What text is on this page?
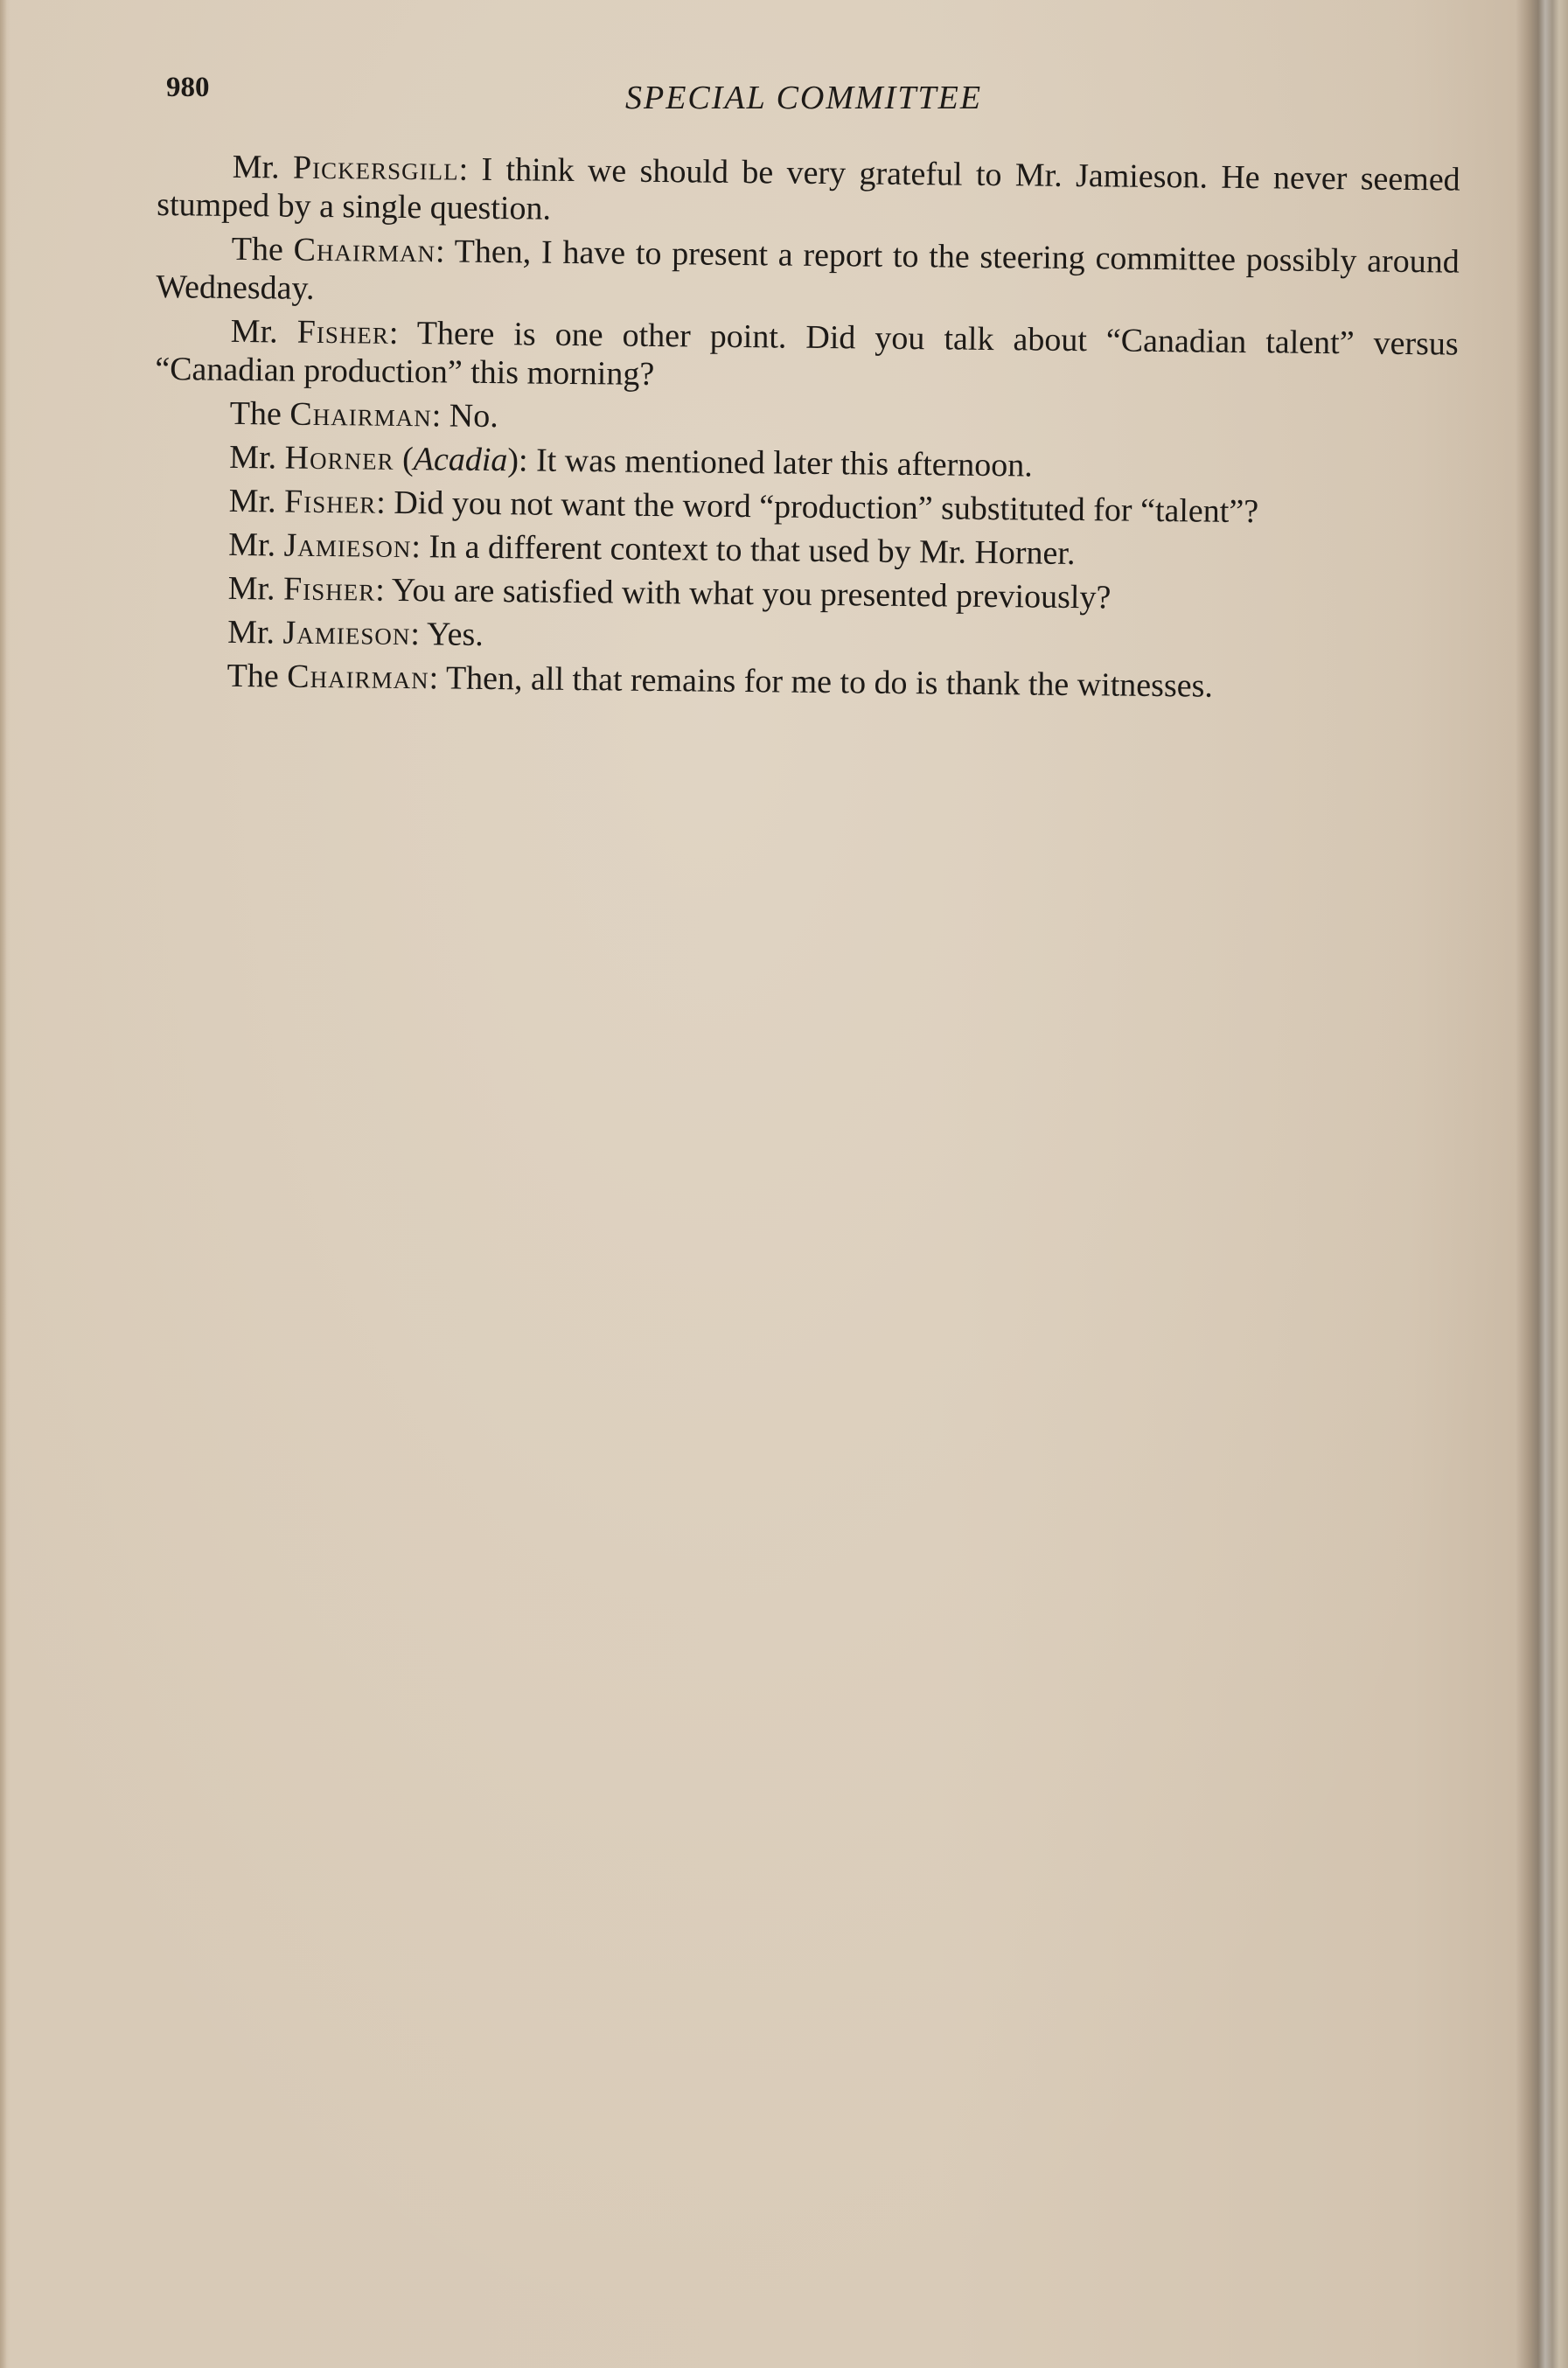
980	SPECIAL COMMITTEE

Mr. Pickersgill: I think we should be very grateful to Mr. Jamieson. He never seemed stumped by a single question.

The Chairman: Then, I have to present a report to the steering committee possibly around Wednesday.

Mr. Fisher: There is one other point. Did you talk about “Canadian talent” versus “Canadian production” this morning?

The Chairman: No.

Mr. Horner (Acadia): It was mentioned later this afternoon.

Mr. Fisher: Did you not want the word “production” substituted for “talent”?

Mr. Jamieson: In a different context to that used by Mr. Horner.

Mr. Fisher: You are satisfied with what you presented previously?

Mr. Jamieson: Yes.

The Chairman: Then, all that remains for me to do is thank the witnesses.
